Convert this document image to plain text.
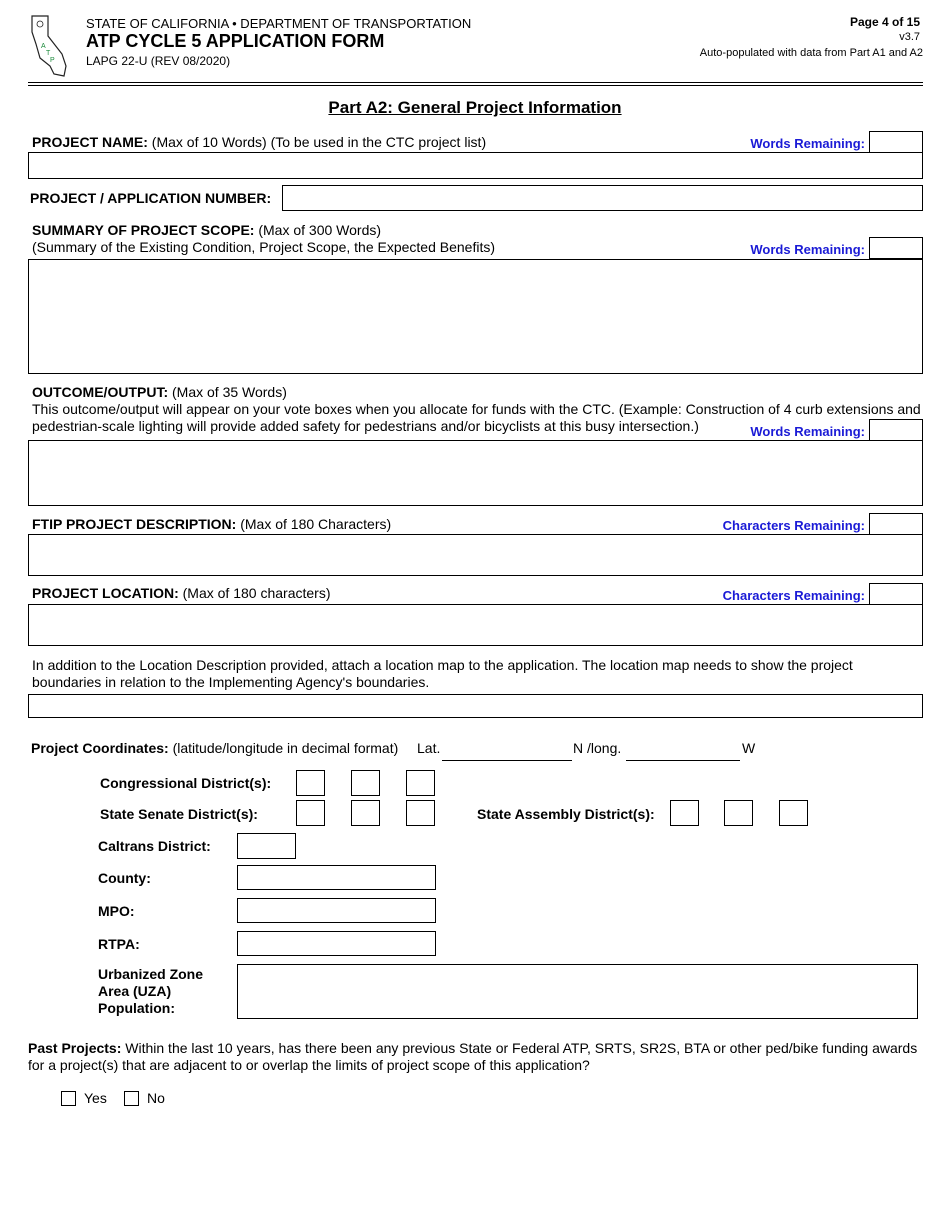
A
T
P
STATE OF CALIFORNIA • DEPARTMENT OF TRANSPORTATION
ATP CYCLE 5 APPLICATION FORM
LAPG 22-U (REV 08/2020)
Page 4 of 15
v3.7
Auto-populated with data from Part A1 and A2
Part A2: General Project Information
PROJECT NAME: (Max of 10 Words) (To be used in the CTC project list)	Words Remaining:
PROJECT / APPLICATION NUMBER:
SUMMARY OF PROJECT SCOPE: (Max of 300 Words)
(Summary of the Existing Condition, Project Scope, the Expected Benefits)	Words Remaining:
OUTCOME/OUTPUT: (Max of 35 Words)
This outcome/output will appear on your vote boxes when you allocate for funds with the CTC. (Example: Construction of 4 curb extensions and pedestrian-scale lighting will provide added safety for pedestrians and/or bicyclists at this busy intersection.)	Words Remaining:
FTIP PROJECT DESCRIPTION: (Max of 180 Characters)	Characters Remaining:
PROJECT LOCATION: (Max of 180 characters)	Characters Remaining:
In addition to the Location Description provided, attach a location map to the application. The location map needs to show the project boundaries in relation to the Implementing Agency's boundaries.
Project Coordinates: (latitude/longitude in decimal format) Lat.	N /long.	W
Congressional District(s):
State Senate District(s):	State Assembly District(s):
Caltrans District:
County:
MPO:
RTPA:
Urbanized Zone Area (UZA) Population:
Past Projects: Within the last 10 years, has there been any previous State or Federal ATP, SRTS, SR2S, BTA or other ped/bike funding awards for a project(s) that are adjacent to or overlap the limits of project scope of this application?
Yes	No
